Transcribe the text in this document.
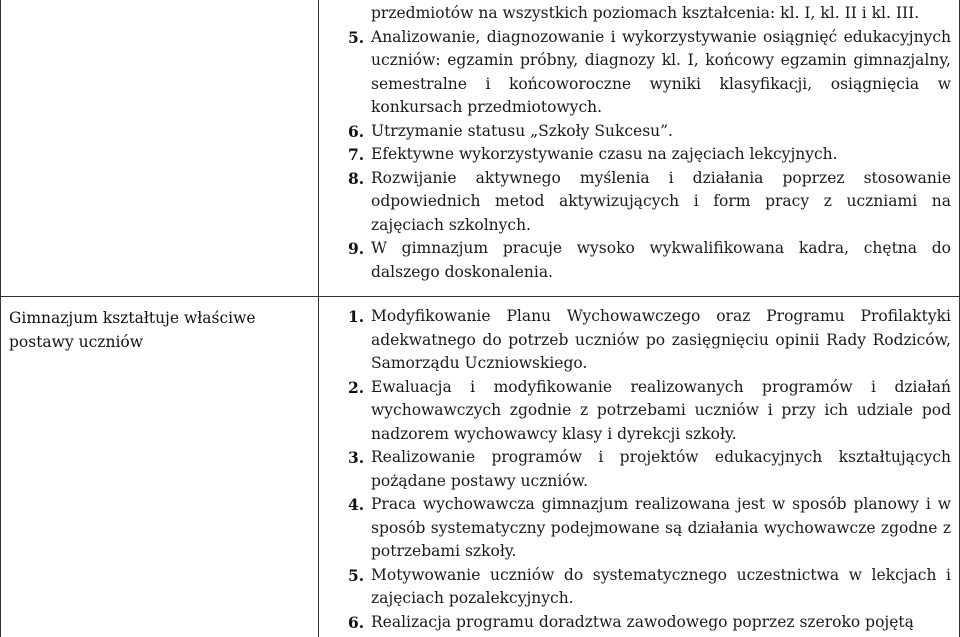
przedmiotów na wszystkich poziomach kształcenia: kl. I, kl. II i kl. III.

5. Analizowanie, diagnozowanie i wykorzystywanie osiągnięć edukacyjnych uczniów: egzamin próbny, diagnozy kl. I, końcowy egzamin gimnazjalny, semestralne i końcoworoczne wyniki klasyfikacji, osiągnięcia w konkursach przedmiotowych.

6. Utrzymanie statusu „Szkoły Sukcesu”.

7. Efektywne wykorzystywanie czasu na zajęciach lekcyjnych.

8. Rozwijanie aktywnego myślenia i działania poprzez stosowanie odpowiednich metod aktywizujących i form pracy z uczniami na zajęciach szkolnych.

9. W gimnazjum pracuje wysoko wykwalifikowana kadra, chętna do dalszego doskonalenia.

Gimnazjum kształtuje właściwe postawy uczniów

1. Modyfikowanie Planu Wychowawczego oraz Programu Profilaktyki adekwatnego do potrzeb uczniów po zasięgnięciu opinii Rady Rodziców, Samorządu Uczniowskiego.

2. Ewaluacja i modyfikowanie realizowanych programów i działań wychowawczych zgodnie z potrzebami uczniów i przy ich udziale pod nadzorem wychowawcy klasy i dyrekcji szkoły.

3. Realizowanie programów i projektów edukacyjnych kształtujących pożądane postawy uczniów.

4. Praca wychowawcza gimnazjum realizowana jest w sposób planowy i w sposób systematyczny podejmowane są działania wychowawcze zgodne z potrzebami szkoły.

5. Motywowanie uczniów do systematycznego uczestnictwa w lekcjach i zajęciach pozalekcyjnych.

6. Realizacja programu doradztwa zawodowego poprzez szeroko pojętą
